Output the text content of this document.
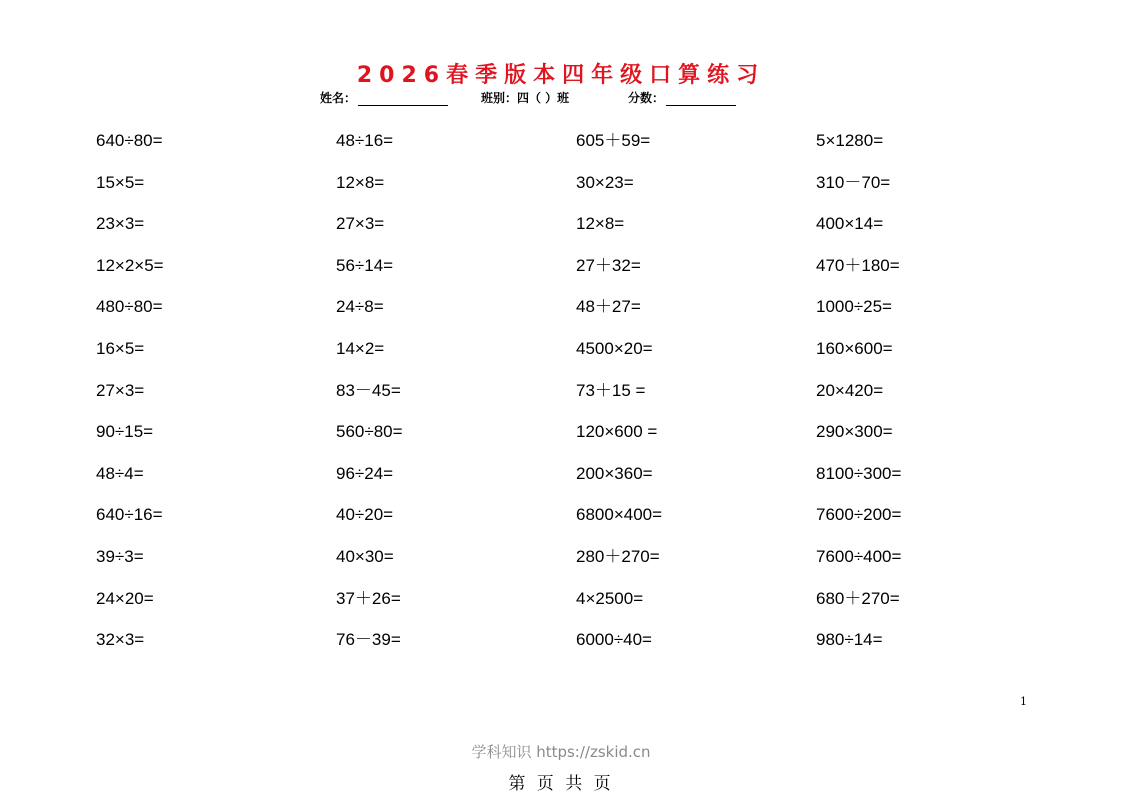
2026春季版本四年级口算练习
姓名：	班别：四（ ）班	分数：
640÷80=	48÷16=	605＋59=	5×1280=
15×5=	12×8=	30×23=	310－70=
23×3=	27×3=	12×8=	400×14=
12×2×5=	56÷14=	27＋32=	470＋180=
480÷80=	24÷8=	48＋27=	1000÷25=
16×5=	14×2=	4500×20=	160×600=
27×3=	83－45=	73＋15 =	20×420=
90÷15=	560÷80=	120×600 =	290×300=
48÷4=	96÷24=	200×360=	8100÷300=
640÷16=	40÷20=	6800×400=	7600÷200=
39÷3=	40×30=	280＋270=	7600÷400=
24×20=	37＋26=	4×2500=	680＋270=
32×3=	76－39=	6000÷40=	980÷14=
1
学科知识 https://zskid.cn
第 页 共 页
